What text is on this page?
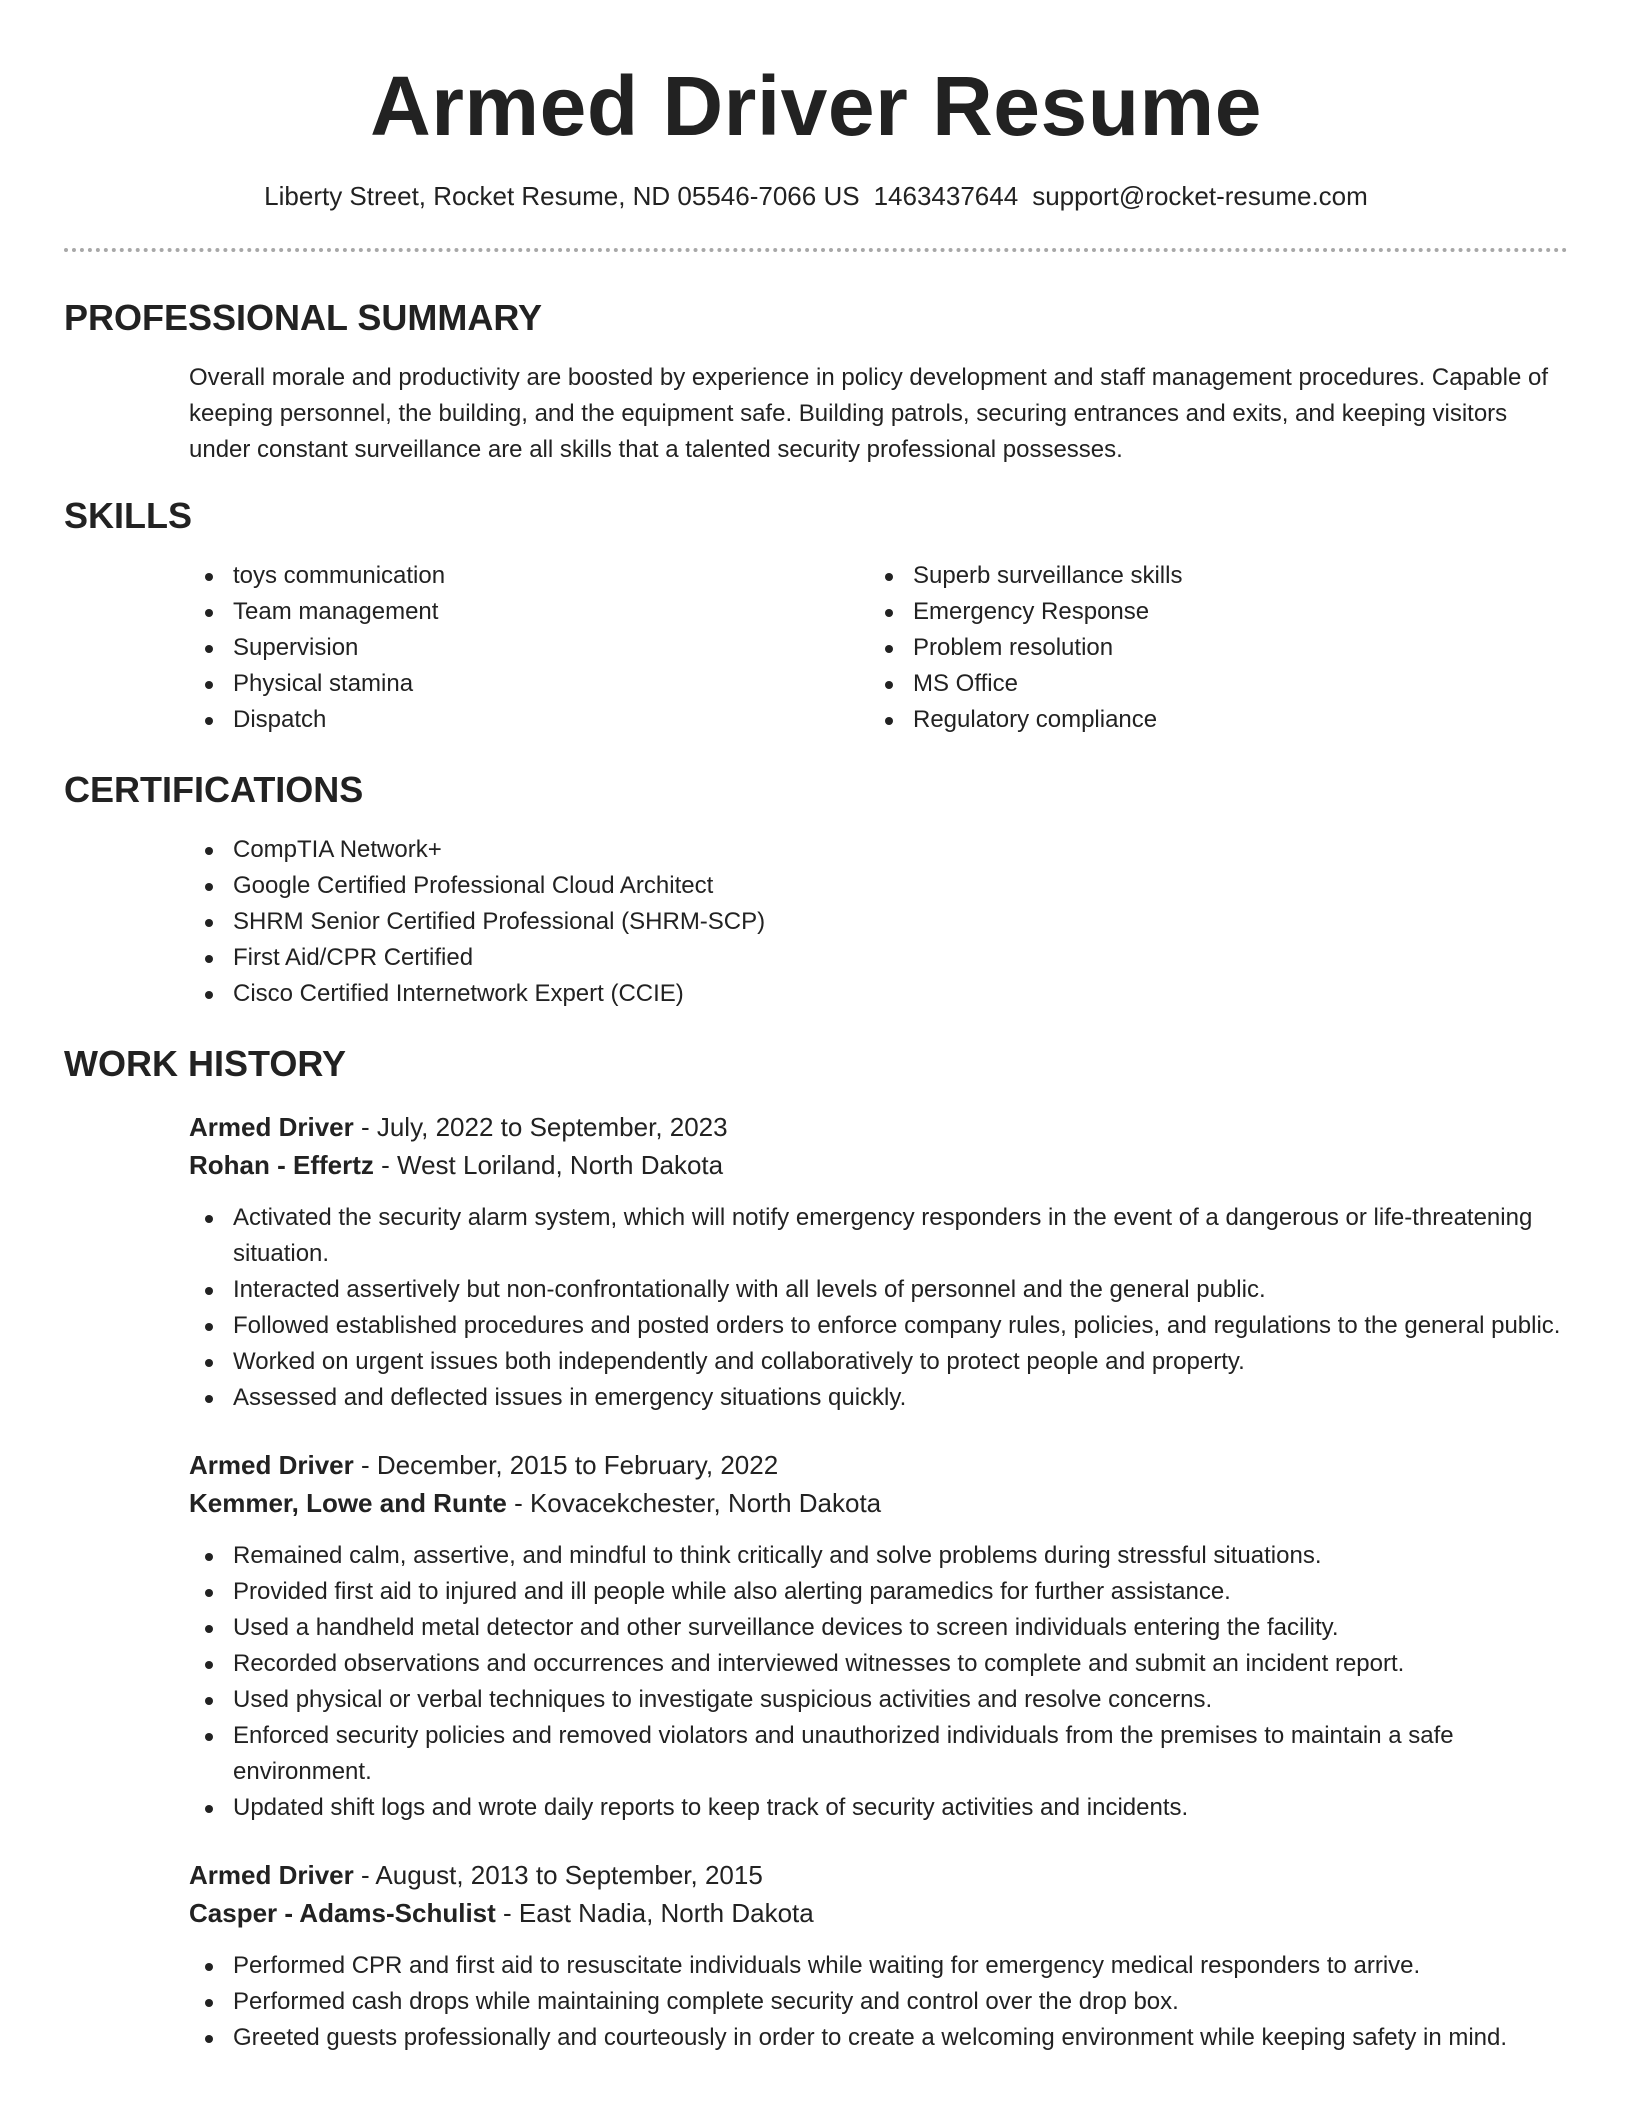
Armed Driver Resume
Liberty Street, Rocket Resume, ND 05546-7066 US 1463437644 support@rocket-resume.com
PROFESSIONAL SUMMARY

Overall morale and productivity are boosted by experience in policy development and staff management procedures. Capable of keeping personnel, the building, and the equipment safe. Building patrols, securing entrances and exits, and keeping visitors under constant surveillance are all skills that a talented security professional possesses.

SKILLS
toys communication
Team management
Supervision
Physical stamina
Dispatch
Superb surveillance skills
Emergency Response
Problem resolution
MS Office
Regulatory compliance
CERTIFICATIONS
CompTIA Network+
Google Certified Professional Cloud Architect
SHRM Senior Certified Professional (SHRM-SCP)
First Aid/CPR Certified
Cisco Certified Internetwork Expert (CCIE)
WORK HISTORY
Armed Driver - July, 2022 to September, 2023
Rohan - Effertz - West Loriland, North Dakota
Activated the security alarm system, which will notify emergency responders in the event of a dangerous or life-threatening situation.
Interacted assertively but non-confrontationally with all levels of personnel and the general public.
Followed established procedures and posted orders to enforce company rules, policies, and regulations to the general public.
Worked on urgent issues both independently and collaboratively to protect people and property.
Assessed and deflected issues in emergency situations quickly.
Armed Driver - December, 2015 to February, 2022
Kemmer, Lowe and Runte - Kovacekchester, North Dakota
Remained calm, assertive, and mindful to think critically and solve problems during stressful situations.
Provided first aid to injured and ill people while also alerting paramedics for further assistance.
Used a handheld metal detector and other surveillance devices to screen individuals entering the facility.
Recorded observations and occurrences and interviewed witnesses to complete and submit an incident report.
Used physical or verbal techniques to investigate suspicious activities and resolve concerns.
Enforced security policies and removed violators and unauthorized individuals from the premises to maintain a safe environment.
Updated shift logs and wrote daily reports to keep track of security activities and incidents.
Armed Driver - August, 2013 to September, 2015
Casper - Adams-Schulist - East Nadia, North Dakota
Performed CPR and first aid to resuscitate individuals while waiting for emergency medical responders to arrive.
Performed cash drops while maintaining complete security and control over the drop box.
Greeted guests professionally and courteously in order to create a welcoming environment while keeping safety in mind.
